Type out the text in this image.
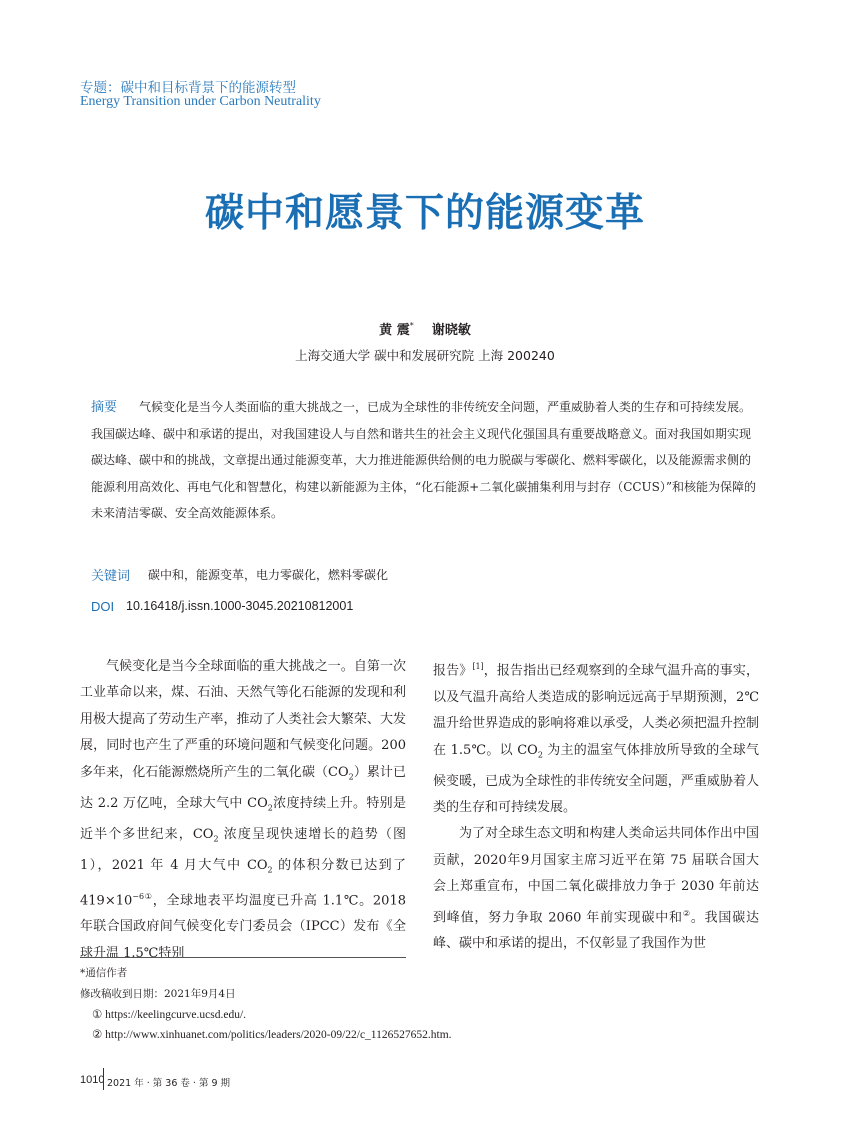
专题：碳中和目标背景下的能源转型
Energy Transition under Carbon Neutrality
碳中和愿景下的能源变革
黄 震* 谢晓敏
上海交通大学 碳中和发展研究院 上海 200240
摘要	气候变化是当今人类面临的重大挑战之一，已成为全球性的非传统安全问题，严重威胁着人类的生存和可持续发展。我国碳达峰、碳中和承诺的提出，对我国建设人与自然和谐共生的社会主义现代化强国具有重要战略意义。面对我国如期实现碳达峰、碳中和的挑战，文章提出通过能源变革，大力推进能源供给侧的电力脱碳与零碳化、燃料零碳化，以及能源需求侧的能源利用高效化、再电气化和智慧化，构建以新能源为主体，“化石能源+二氧化碳捕集利用与封存（CCUS）”和核能为保障的未来清洁零碳、安全高效能源体系。

关键词 碳中和，能源变革，电力零碳化，燃料零碳化
DOI 10.16418/j.issn.1000-3045.20210812001

气候变化是当今全球面临的重大挑战之一。自第一次工业革命以来，煤、石油、天然气等化石能源的发现和利用极大提高了劳动生产率，推动了人类社会大繁荣、大发展，同时也产生了严重的环境问题和气候变化问题。200 多年来，化石能源燃烧所产生的二氧化碳$(CO_2)$累计已达 2.2 万亿吨，全球大气中 $CO_2$浓度持续上升。特别是近半个多世纪来，$CO_2$ 浓度呈现快速增长的趋势（图 1），2021 年 4 月大气中 $CO_2$ 的体积分数已达到了 $419\times 10^{-6①}$，全球地表平均温度已升高 1.1℃。2018 年联合国政府间气候变化专门委员会（IPCC）发布《全球升温 1.5℃特别

报告》[1]，报告指出已经观察到的全球气温升高的事实，以及气温升高给人类造成的影响远远高于早期预测，2℃ 温升给世界造成的影响将难以承受，人类必须把温升控制在 1.5℃。以 $CO_2$ 为主的温室气体排放所导致的全球气候变暖，已成为全球性的非传统安全问题，严重威胁着人类的生存和可持续发展。

为了对全球生态文明和构建人类命运共同体作出中国贡献，2020年9月国家主席习近平在第 75 届联合国大会上郑重宣布，中国二氧化碳排放力争于 2030 年前达到峰值，努力争取 2060 年前实现碳中和②。我国碳达峰、碳中和承诺的提出，不仅彰显了我国作为世

*通信作者
修改稿收到日期：2021年9月4日
① https://keelingcurve.ucsd.edu/.
② http://www.xinhuanet.com/politics/leaders/2020-09/22/c_1126527652.htm.
1010 2021 年 · 第 36 卷 · 第 9 期
